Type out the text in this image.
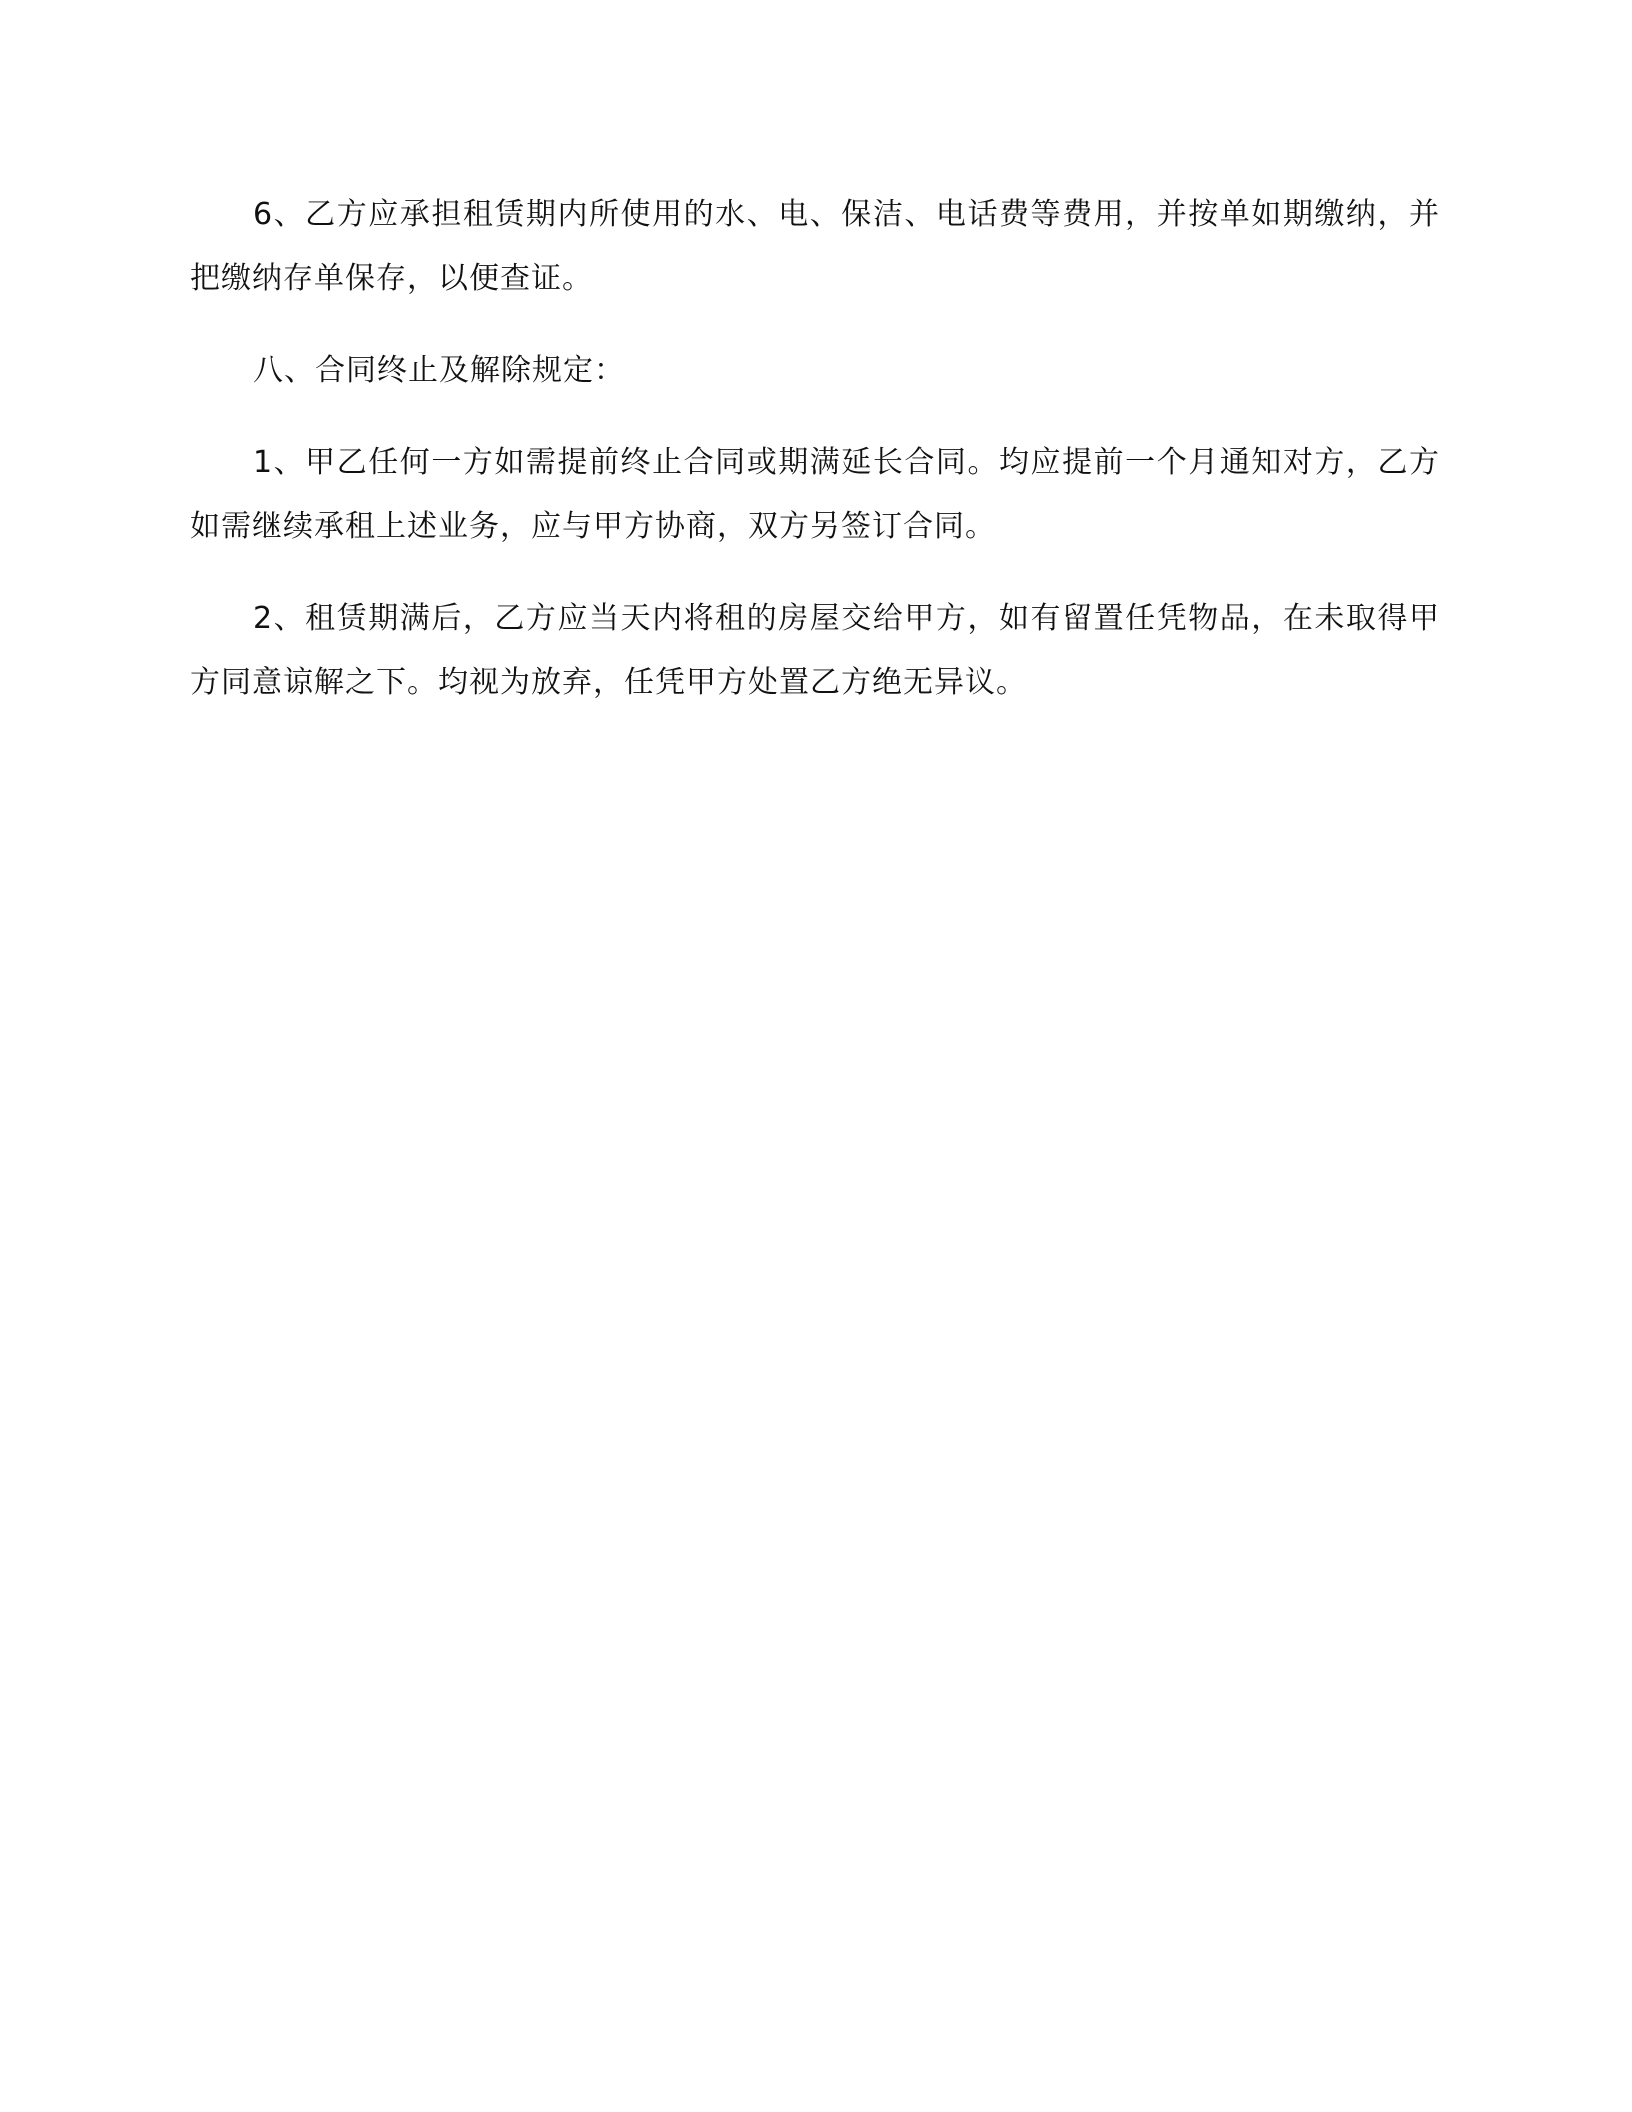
6、乙方应承担租赁期内所使用的水、电、保洁、电话费等费用，并按单如期缴纳，并把缴纳存单保存，以便查证。

八、合同终止及解除规定：

1、甲乙任何一方如需提前终止合同或期满延长合同。均应提前一个月通知对方，乙方如需继续承租上述业务，应与甲方协商，双方另签订合同。

2、租赁期满后，乙方应当天内将租的房屋交给甲方，如有留置任凭物品，在未取得甲方同意谅解之下。均视为放弃，任凭甲方处置乙方绝无异议。
